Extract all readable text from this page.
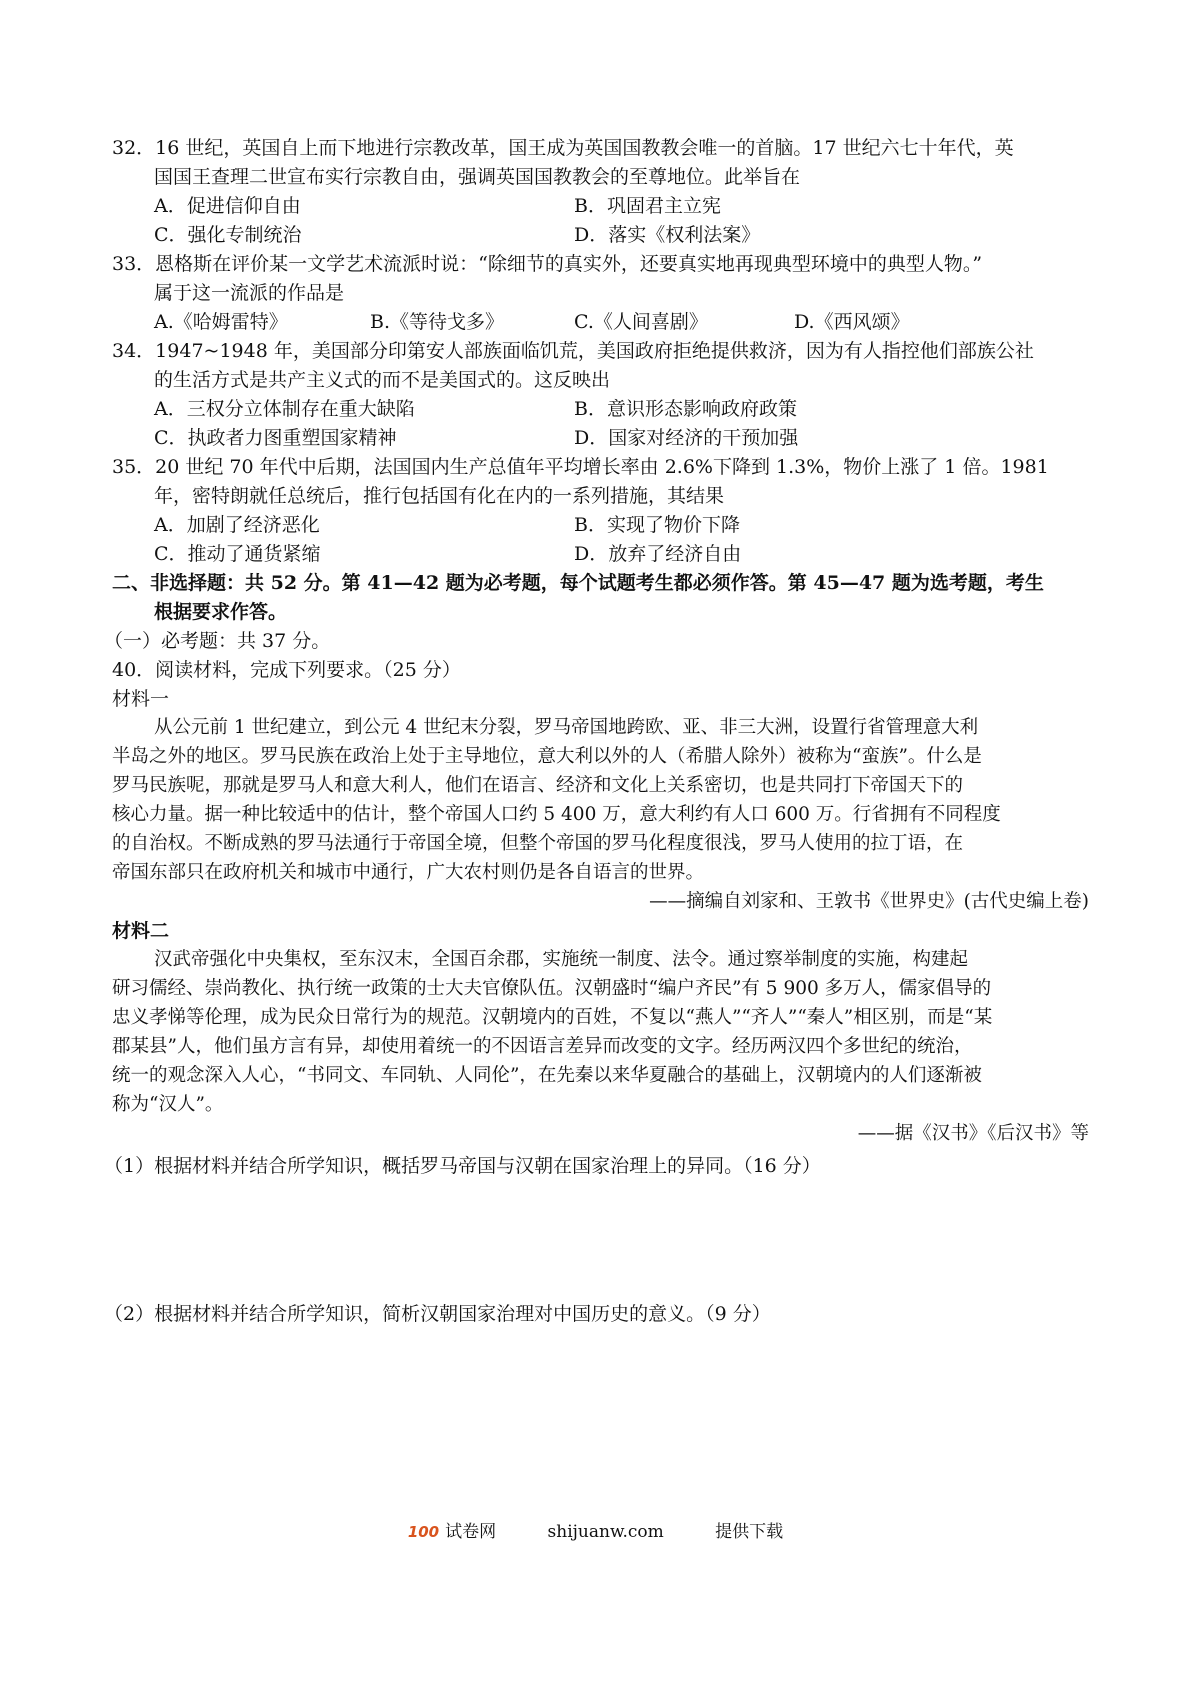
32．16 世纪，英国自上而下地进行宗教改革，国王成为英国国教教会唯一的首脑。17 世纪六七十年代，英
国国王查理二世宣布实行宗教自由，强调英国国教教会的至尊地位。此举旨在
A．促进信仰自由	B．巩固君主立宪
C．强化专制统治	D．落实《权利法案》
33．恩格斯在评价某一文学艺术流派时说：“除细节的真实外，还要真实地再现典型环境中的典型人物。”
属于这一流派的作品是
A.《哈姆雷特》	B.《等待戈多》	C.《人间喜剧》	D.《西风颂》
34．1947~1948 年，美国部分印第安人部族面临饥荒，美国政府拒绝提供救济，因为有人指控他们部族公社
的生活方式是共产主义式的而不是美国式的。这反映出
A．三权分立体制存在重大缺陷	B．意识形态影响政府政策
C．执政者力图重塑国家精神	D．国家对经济的干预加强
35．20 世纪 70 年代中后期，法国国内生产总值年平均增长率由 2.6%下降到 1.3%，物价上涨了 1 倍。1981
年，密特朗就任总统后，推行包括国有化在内的一系列措施，其结果
A．加剧了经济恶化	B．实现了物价下降
C．推动了通货紧缩	D．放弃了经济自由
二、非选择题：共 52 分。第 41—42 题为必考题，每个试题考生都必须作答。第 45—47 题为选考题，考生
根据要求作答。
（一）必考题：共 37 分。
40．阅读材料，完成下列要求。（25 分）
材料一
从公元前 1 世纪建立，到公元 4 世纪末分裂，罗马帝国地跨欧、亚、非三大洲，设置行省管理意大利
半岛之外的地区。罗马民族在政治上处于主导地位，意大利以外的人（希腊人除外）被称为“蛮族”。什么是
罗马民族呢，那就是罗马人和意大利人，他们在语言、经济和文化上关系密切，也是共同打下帝国天下的
核心力量。据一种比较适中的估计，整个帝国人口约 5 400 万，意大利约有人口 600 万。行省拥有不同程度
的自治权。不断成熟的罗马法通行于帝国全境，但整个帝国的罗马化程度很浅，罗马人使用的拉丁语，在
帝国东部只在政府机关和城市中通行，广大农村则仍是各自语言的世界。
——摘编自刘家和、王敦书《世界史》(古代史编上卷)
材料二
汉武帝强化中央集权，至东汉末，全国百余郡，实施统一制度、法令。通过察举制度的实施，构建起
研习儒经、崇尚教化、执行统一政策的士大夫官僚队伍。汉朝盛时“编户齐民”有 5 900 多万人，儒家倡导的
忠义孝悌等伦理，成为民众日常行为的规范。汉朝境内的百姓，不复以“燕人”“齐人”“秦人”相区别，而是“某
郡某县”人，他们虽方言有异，却使用着统一的不因语言差异而改变的文字。经历两汉四个多世纪的统治，
统一的观念深入人心，“书同文、车同轨、人同伦”，在先秦以来华夏融合的基础上，汉朝境内的人们逐渐被
称为“汉人”。
——据《汉书》《后汉书》等
（1）根据材料并结合所学知识，概括罗马帝国与汉朝在国家治理上的异同。（16 分）
（2）根据材料并结合所学知识，简析汉朝国家治理对中国历史的意义。（9 分）
100 试卷网	shijuanw.com	提供下载
